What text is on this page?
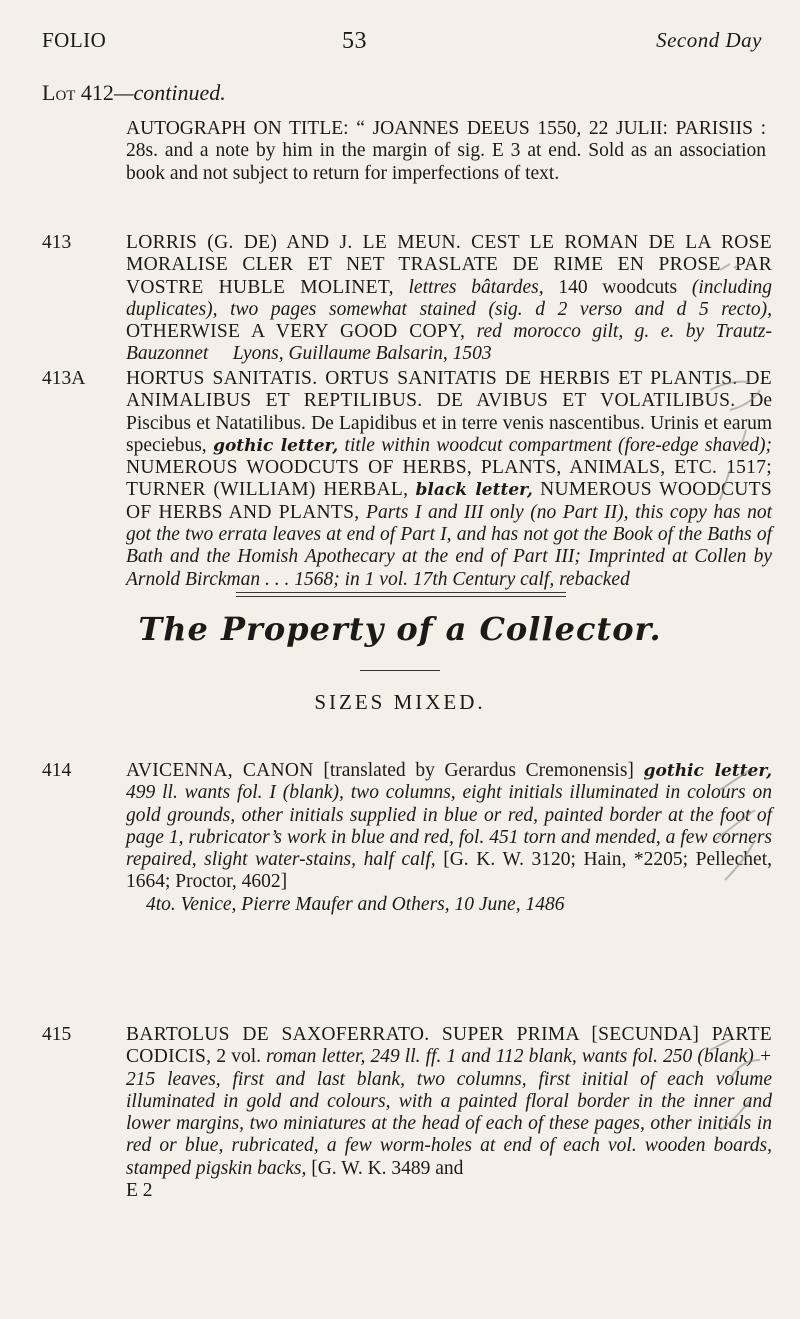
FOLIO	53	Second Day
Lot 412—continued.
AUTOGRAPH ON TITLE: “ JOANNES DEEUS 1550, 22 JULII: PARISIIS : 28s. and a note by him in the margin of sig. E 3 at end. Sold as an association book and not subject to return for imperfections of text.
413	LORRIS (G. DE) AND J. LE MEUN. CEST LE ROMAN DE LA ROSE MORALISE CLER ET NET TRASLATE DE RIME EN PROSE PAR VOSTRE HUBLE MOLINET, lettres bâtardes, 140 woodcuts (including duplicates), two pages somewhat stained (sig. d 2 verso and d 5 recto), OTHERWISE A VERY GOOD COPY, red morocco gilt, g. e. by Trautz-Bauzonnet Lyons, Guillaume Balsarin, 1503
413A	HORTUS SANITATIS. ORTUS SANITATIS DE HERBIS ET PLANTIS. DE ANIMALIBUS ET REPTILIBUS. DE AVIBUS ET VOLATILIBUS. De Piscibus et Natatilibus. De Lapidibus et in terre venis nascentibus. Urinis et earum speciebus, gothic letter, title within woodcut compartment (fore-edge shaved); NUMEROUS WOODCUTS OF HERBS, PLANTS, ANIMALS, ETC. 1517; TURNER (WILLIAM) HERBAL, black letter, NUMEROUS WOODCUTS OF HERBS AND PLANTS, Parts I and III only (no Part II), this copy has not got the two errata leaves at end of Part I, and has not got the Book of the Baths of Bath and the Homish Apothecary at the end of Part III; Imprinted at Collen by Arnold Birckman . . . 1568; in 1 vol. 17th Century calf, rebacked
The Property of a Collector.
SIZES MIXED.
414	AVICENNA, CANON [translated by Gerardus Cremonensis] gothic letter, 499 ll. wants fol. I (blank), two columns, eight initials illuminated in colours on gold grounds, other initials supplied in blue or red, painted border at the foot of page 1, rubricator’s work in blue and red, fol. 451 torn and mended, a few corners repaired, slight water-stains, half calf, [G. K. W. 3120; Hain, *2205; Pellechet, 1664; Proctor, 4602]
4to. Venice, Pierre Maufer and Others, 10 June, 1486
415	BARTOLUS DE SAXOFERRATO. SUPER PRIMA [SECUNDA] PARTE CODICIS, 2 vol. roman letter, 249 ll. ff. 1 and 112 blank, wants fol. 250 (blank) + 215 leaves, first and last blank, two columns, first initial of each volume illuminated in gold and colours, with a painted floral border in the inner and lower margins, two miniatures at the head of each of these pages, other initials in red or blue, rubricated, a few worm-holes at end of each vol. wooden boards, stamped pigskin backs, [G. W. K. 3489 and
E 2
